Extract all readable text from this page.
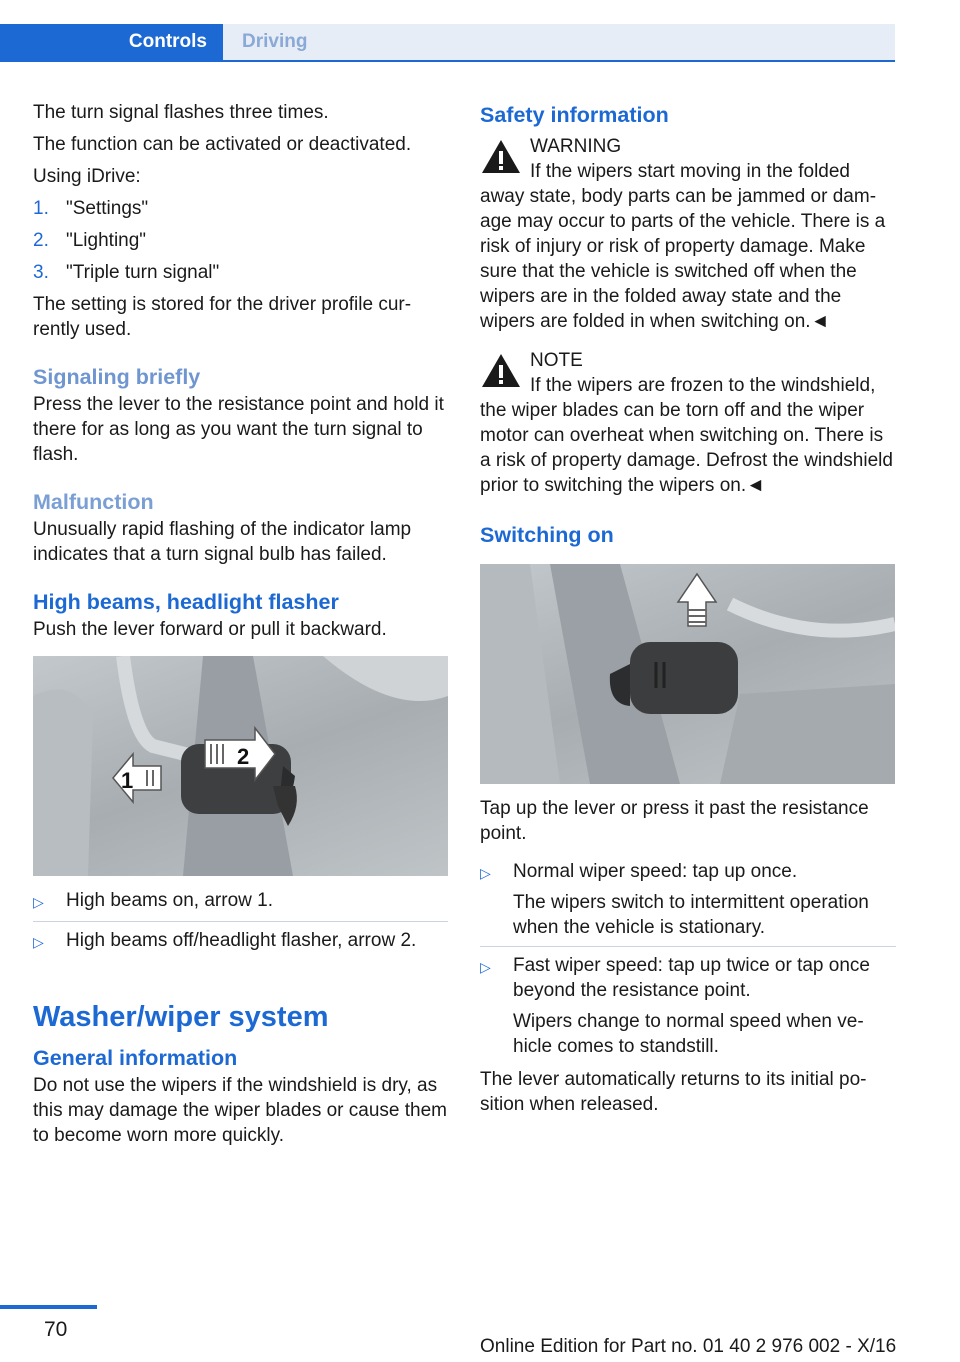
Controls	Driving

The turn signal flashes three times.

The function can be activated or deactivated.

Using iDrive:

1. "Settings"
2. "Lighting"
3. "Triple turn signal"

The setting is stored for the driver profile currently used.

Signaling briefly

Press the lever to the resistance point and hold it there for as long as you want the turn signal to flash.

Malfunction

Unusually rapid flashing of the indicator lamp indicates that a turn signal bulb has failed.

High beams, headlight flasher

Push the lever forward or pull it backward.

1
2
▷	High beams on, arrow 1.
▷	High beams off/headlight flasher, arrow 2.
Washer/wiper system
General information

Do not use the wipers if the windshield is dry, as this may damage the wiper blades or cause them to become worn more quickly.

Safety information
WARNING
If the wipers start moving in the folded away state, body parts can be jammed or damage may occur to parts of the vehicle. There is a risk of injury or risk of property damage. Make sure that the vehicle is switched off when the wipers are in the folded away state and the wipers are folded in when switching on.◄
NOTE
If the wipers are frozen to the windshield, the wiper blades can be torn off and the wiper motor can overheat when switching on. There is a risk of property damage. Defrost the windshield prior to switching the wipers on.◄
Switching on

Tap up the lever or press it past the resistance point.

▷	Normal wiper speed: tap up once.

The wipers switch to intermittent operation when the vehicle is stationary.

▷	Fast wiper speed: tap up twice or tap once beyond the resistance point.

Wipers change to normal speed when vehicle comes to standstill.

The lever automatically returns to its initial position when released.

70
Online Edition for Part no. 01 40 2 976 002 - X/16
